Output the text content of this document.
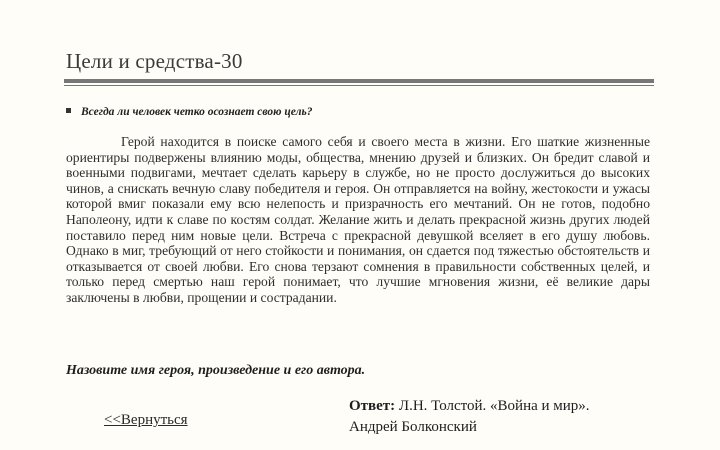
Цели и средства-30
Всегда ли человек четко осознает свою цель?

Герой находится в поиске самого себя и своего места в жизни. Его шаткие жизненные ориентиры подвержены влиянию моды, общества, мнению друзей и близких. Он бредит славой и военными подвигами, мечтает сделать карьеру в службе, но не просто дослужиться до высоких чинов, а снискать вечную славу победителя и героя. Он отправляется на войну, жестокости и ужасы которой вмиг показали ему всю нелепость и призрачность его мечтаний. Он не готов, подобно Наполеону, идти к славе по костям солдат. Желание жить и делать прекрасной жизнь других людей поставило перед ним новые цели. Встреча с прекрасной девушкой вселяет в его душу любовь. Однако в миг, требующий от него стойкости и понимания, он сдается под тяжестью обстоятельств и отказывается от своей любви. Его снова терзают сомнения в правильности собственных целей, и только перед смертью наш герой понимает, что лучшие мгновения жизни, её великие дары заключены в любви, прощении и сострадании.

Назовите имя героя, произведение и его автора.
<<Вернуться
Ответ: Л.Н. Толстой. «Война и мир».
Андрей Болконский
